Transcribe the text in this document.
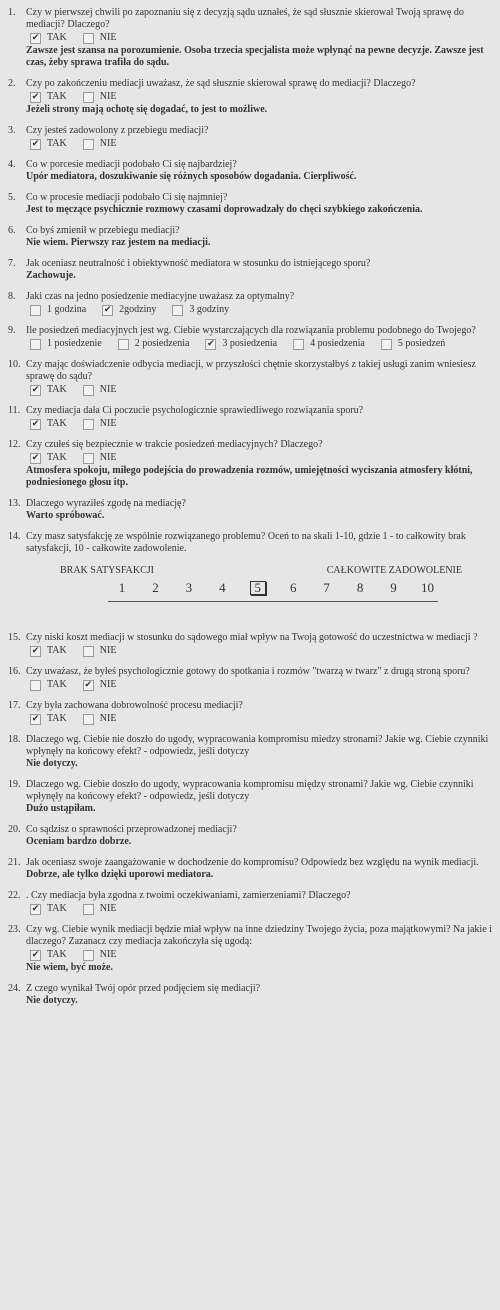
1. Czy w pierwszej chwili po zapoznaniu się z decyzją sądu uznałeś, że sąd słusznie skierował Twoją sprawę do mediacji? Dlaczego?
✔ TAK	NIE
Zawsze jest szansa na porozumienie. Osoba trzecia specjalista może wpłynąć na pewne decyzje. Zawsze jest czas, żeby sprawa trafiła do sądu.
2. Czy po zakończeniu mediacji uważasz, że sąd słusznie skierował sprawę do mediacji? Dlaczego?
✔ TAK	NIE
Jeżeli strony mają ochotę się dogadać, to jest to możliwe.
3. Czy jesteś zadowolony z przebiegu mediacji?
✔ TAK	NIE
4. Co w porcesie mediacji podobało Ci się najbardziej?
Upór mediatora, doszukiwanie się różnych sposobów dogadania. Cierpliwość.
5. Co w procesie mediacji podobało Ci się najmniej?
Jest to męczące psychicznie rozmowy czasami doprowadzały do chęci szybkiego zakończenia.
6. Co byś zmienił w przebiegu mediacji?
Nie wiem. Pierwszy raz jestem na mediacji.
7. Jak oceniasz neutralność i obiektywność mediatora w stosunku do istniejącego sporu?
Zachowuje.
8. Jaki czas na jedno posiedzenie mediacyjne uważasz za optymalny?
1 godzina ✔ 2godziny	3 godziny
9. Ile posiedzeń mediacyjnych jest wg. Ciebie wystarczających dla rozwiązania problemu podobnego do Twojego?
1 posiedzenie	2 posiedzenia ✔ 3 posiedzenia	4 posiedzenia	5 posiedzeń
10. Czy mając doświadczenie odbycia mediacji, w przyszłości chętnie skorzystałbyś z takiej usługi zanim wniesiesz sprawę do sądu?
✔ TAK	NIE
11. Czy mediacja dała Ci poczucie psychologicznie sprawiedliwego rozwiązania sporu?
✔ TAK	NIE
12. Czy czułeś się bezpiecznie w trakcie posiedzeń mediacyjnych? Dlaczego?
✔ TAK	NIE
Atmosfera spokoju, miłego podejścia do prowadzenia rozmów, umiejętności wyciszania atmosfery kłótni, podniesionego głosu itp.
13. Dlaczego wyraziłeś zgodę na mediację?
Warto spróbować.
14. Czy masz satysfakcję ze wspólnie rozwiązanego problemu? Oceń to na skali 1-10, gdzie 1 - to całkowity brak satysfakcji, 10 - całkowite zadowolenie.
BRAK SATYSFAKCJI	CAŁKOWITE ZADOWOLENIE
1 2 3 4	5	6 7 8 9 10
15. Czy niski koszt mediacji w stosunku do sądowego miał wpływ na Twoją gotowość do uczestnictwa w mediacji ?
✔ TAK	NIE
16. Czy uważasz, że byłeś psychologicznie gotowy do spotkania i rozmów "twarzą w twarz" z drugą stroną sporu?
TAK ✔ NIE
17. Czy była zachowana dobrowolność procesu mediacji?
✔ TAK	NIE
18. Dlaczego wg. Ciebie nie doszło do ugody, wypracowania kompromisu miedzy stronami? Jakie wg. Ciebie czynniki wpłynęły na końcowy efekt? - odpowiedz, jeśli dotyczy
Nie dotyczy.
19. Dlaczego wg. Ciebie doszło do ugody, wypracowania kompromisu między stronami? Jakie wg. Ciebie czynniki wpłynęły na końcowy efekt? - odpowiedz, jeśli dotyczy
Dużo ustąpiłam.
20. Co sądzisz o sprawności przeprowadzonej mediacji?
Oceniam bardzo dobrze.
21. Jak oceniasz swoje zaangażowanie w dochodzenie do kompromisu? Odpowiedz bez względu na wynik mediacji.
Dobrze, ale tylko dzięki uporowi mediatora.
22. . Czy mediacja była zgodna z twoimi oczekiwaniami, zamierzeniami? Dlaczego?
✔ TAK	NIE
23. Czy wg. Ciebie wynik mediacji będzie miał wpływ na inne dziedziny Twojego życia, poza majątkowymi? Na jakie i dlaczego? Zazanacz czy mediacja zakończyła się ugodą:
✔ TAK	NIE
Nie wiem, być może.
24. Z czego wynikał Twój opór przed podjęciem się mediacji?
Nie dotyczy.
